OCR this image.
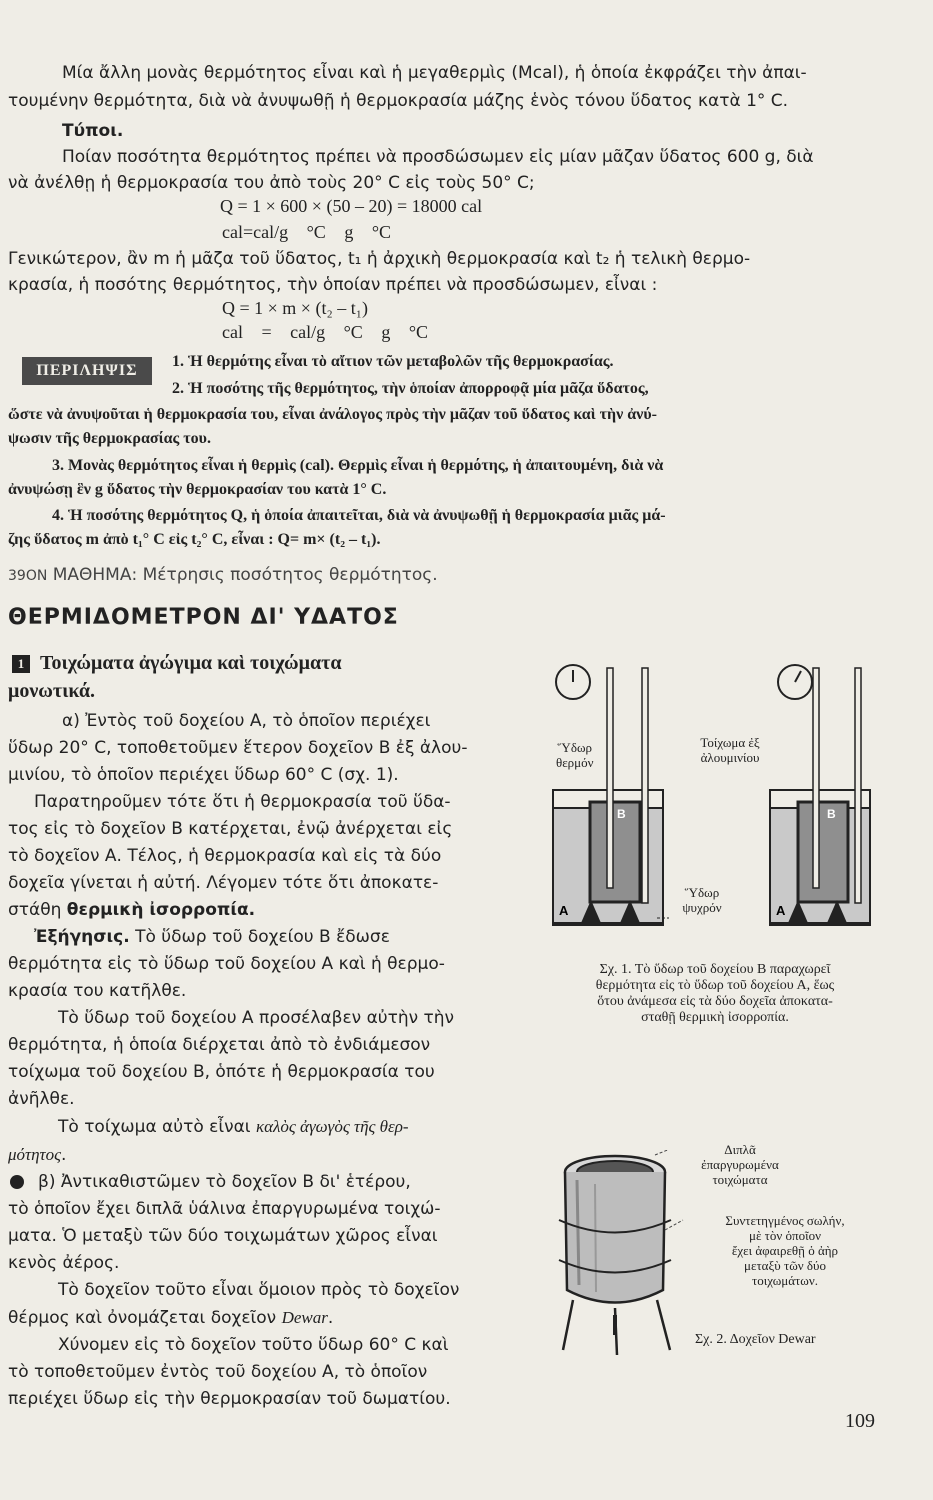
Μία ἄλλη μονὰς θερμότητος εἶναι καὶ ἡ μεγαθερμὶς (Mcal), ἡ ὁποία ἐκφράζει τὴν ἀπαι-
τουμένην θερμότητα, διὰ νὰ ἀνυψωθῇ ἡ θερμοκρασία μάζης ἑνὸς τόνου ὕδατος κατὰ 1° C.
Τύποι.
Ποίαν ποσότητα θερμότητος πρέπει νὰ προσδώσωμεν εἰς μίαν μᾶζαν ὕδατος 600 g, διὰ
νὰ ἀνέλθῃ ἡ θερμοκρασία του ἀπὸ τοὺς 20° C εἰς τοὺς 50° C;
Q = 1 × 600 × (50 – 20) = 18000 cal
cal=cal/g °C g °C
Γενικώτερον, ἂν m ἡ μᾶζα τοῦ ὕδατος, t₁ ἡ ἀρχικὴ θερμοκρασία καὶ t₂ ἡ τελικὴ θερμο-
κρασία, ἡ ποσότης θερμότητος, τὴν ὁποίαν πρέπει νὰ προσδώσωμεν, εἶναι :
Q = 1 × m × (t₂ – t₁)
cal = cal/g °C g °C
ΠΕΡΙΛΗΨΙΣ
1. Ἡ θερμότης εἶναι τὸ αἴτιον τῶν μεταβολῶν τῆς θερμοκρασίας.
2. Ἡ ποσότης τῆς θερμότητος, τὴν ὁποίαν ἀπορροφᾷ μία μᾶζα ὕδατος,
ὥστε νὰ ἀνυψοῦται ἡ θερμοκρασία του, εἶναι ἀνάλογος πρὸς τὴν μᾶζαν τοῦ ὕδατος καὶ τὴν ἀνύ-
ψωσιν τῆς θερμοκρασίας του.
3. Μονὰς θερμότητος εἶναι ἡ θερμὶς (cal). Θερμὶς εἶναι ἡ θερμότης, ἡ ἀπαιτουμένη, διὰ νὰ
ἀνυψώσῃ ἓν g ὕδατος τὴν θερμοκρασίαν του κατὰ 1° C.
4. Ἡ ποσότης θερμότητος Q, ἡ ὁποία ἀπαιτεῖται, διὰ νὰ ἀνυψωθῇ ἡ θερμοκρασία μιᾶς μά-
ζης ὕδατος m ἀπὸ t₁° C εἰς t₂° C, εἶναι : Q= m× (t₂ – t₁).
39ΟΝ ΜΑΘΗΜΑ: Μέτρησις ποσότητος θερμότητος.
ΘΕΡΜΙΔΟΜΕΤΡΟΝ ΔΙ' ΥΔΑΤΟΣ
1 Τοιχώματα ἀγώγιμα καὶ τοιχώματα
μονωτικά.
α) Ἐντὸς τοῦ δοχείου Α, τὸ ὁποῖον περιέχει
ὕδωρ 20° C, τοποθετοῦμεν ἕτερον δοχεῖον Β ἐξ ἀλου-
μινίου, τὸ ὁποῖον περιέχει ὕδωρ 60° C (σχ. 1).
Παρατηροῦμεν τότε ὅτι ἡ θερμοκρασία τοῦ ὕδα-
τος εἰς τὸ δοχεῖον Β κατέρχεται, ἐνῷ ἀνέρχεται εἰς
τὸ δοχεῖον Α. Τέλος, ἡ θερμοκρασία καὶ εἰς τὰ δύο
δοχεῖα γίνεται ἡ αὐτή. Λέγομεν τότε ὅτι ἀποκατε-
στάθη θερμικὴ ἰσορροπία.
Ἐξήγησις. Τὸ ὕδωρ τοῦ δοχείου Β ἔδωσε
θερμότητα εἰς τὸ ὕδωρ τοῦ δοχείου Α καὶ ἡ θερμο-
κρασία του κατῆλθε.
Τὸ ὕδωρ τοῦ δοχείου Α προσέλαβεν αὐτὴν τὴν
θερμότητα, ἡ ὁποία διέρχεται ἀπὸ τὸ ἐνδιάμεσον
τοίχωμα τοῦ δοχείου Β, ὁπότε ἡ θερμοκρασία του
ἀνῆλθε.
Τὸ τοίχωμα αὐτὸ εἶναι καλὸς ἀγωγὸς τῆς θερ-
μότητος.
β) Ἀντικαθιστῶμεν τὸ δοχεῖον Β δι' ἑτέρου,
τὸ ὁποῖον ἔχει διπλᾶ ὑάλινα ἐπαργυρωμένα τοιχώ-
ματα. Ὁ μεταξὺ τῶν δύο τοιχωμάτων χῶρος εἶναι
κενὸς ἀέρος.
Τὸ δοχεῖον τοῦτο εἶναι ὅμοιον πρὸς τὸ δοχεῖον
θέρμος καὶ ὀνομάζεται δοχεῖον Dewar.
Χύνομεν εἰς τὸ δοχεῖον τοῦτο ὕδωρ 60° C καὶ
τὸ τοποθετοῦμεν ἐντὸς τοῦ δοχείου Α, τὸ ὁποῖον
περιέχει ὕδωρ εἰς τὴν θερμοκρασίαν τοῦ δωματίου.
A
B
A
B
Ὕδωρ
θερμόν
Τοίχωμα ἐξ
ἀλουμινίου
Ὕδωρ
ψυχρόν
Σχ. 1. Τὸ ὕδωρ τοῦ δοχείου Β παραχωρεῖ
θερμότητα εἰς τὸ ὕδωρ τοῦ δοχείου Α, ἕως
ὅτου ἀνάμεσα εἰς τὰ δύο δοχεῖα ἀποκατα-
σταθῇ θερμικὴ ἰσορροπία.
Διπλᾶ
ἐπαργυρωμένα
τοιχώματα
Συντετηγμένος σωλήν,
μὲ τὸν ὁποῖον
ἔχει ἀφαιρεθῇ ὁ ἀὴρ
μεταξὺ τῶν δύο
τοιχωμάτων.
Σχ. 2. Δοχεῖον Dewar
109
